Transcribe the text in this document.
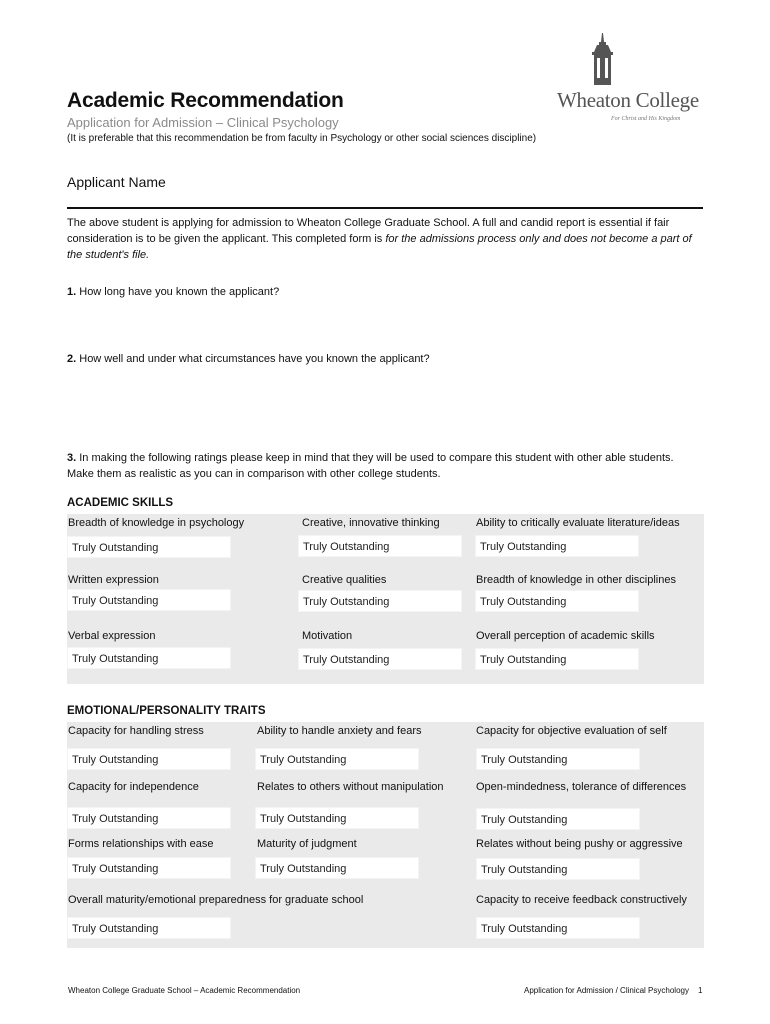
Wheaton College
For Christ and His Kingdom
Academic Recommendation
Application for Admission – Clinical Psychology
(It is preferable that this recommendation be from faculty in Psychology or other social sciences discipline)
Applicant Name
The above student is applying for admission to Wheaton College Graduate School. A full and candid report is essential if fair consideration is to be given the applicant. This completed form is for the admissions process only and does not become a part of the student's file.
1. How long have you known the applicant?
2. How well and under what circumstances have you known the applicant?
3. In making the following ratings please keep in mind that they will be used to compare this student with other able students. Make them as realistic as you can in comparison with other college students.
ACADEMIC SKILLS
Breadth of knowledge in psychology
Truly Outstanding
Creative, innovative thinking
Truly Outstanding
Ability to critically evaluate literature/ideas
Truly Outstanding
Written expression
Truly Outstanding
Creative qualities
Truly Outstanding
Breadth of knowledge in other disciplines
Truly Outstanding
Verbal expression
Truly Outstanding
Motivation
Truly Outstanding
Overall perception of academic skills
Truly Outstanding
EMOTIONAL/PERSONALITY TRAITS
Capacity for handling stress
Truly Outstanding
Ability to handle anxiety and fears
Truly Outstanding
Capacity for objective evaluation of self
Truly Outstanding
Capacity for independence
Truly Outstanding
Relates to others without manipulation
Truly Outstanding
Open-mindedness, tolerance of differences
Truly Outstanding
Forms relationships with ease
Truly Outstanding
Maturity of judgment
Truly Outstanding
Relates without being pushy or aggressive
Truly Outstanding
Overall maturity/emotional preparedness for graduate school
Truly Outstanding
Capacity to receive feedback constructively
Truly Outstanding
Wheaton College Graduate School – Academic Recommendation	Application for Admission / Clinical Psychology 1
